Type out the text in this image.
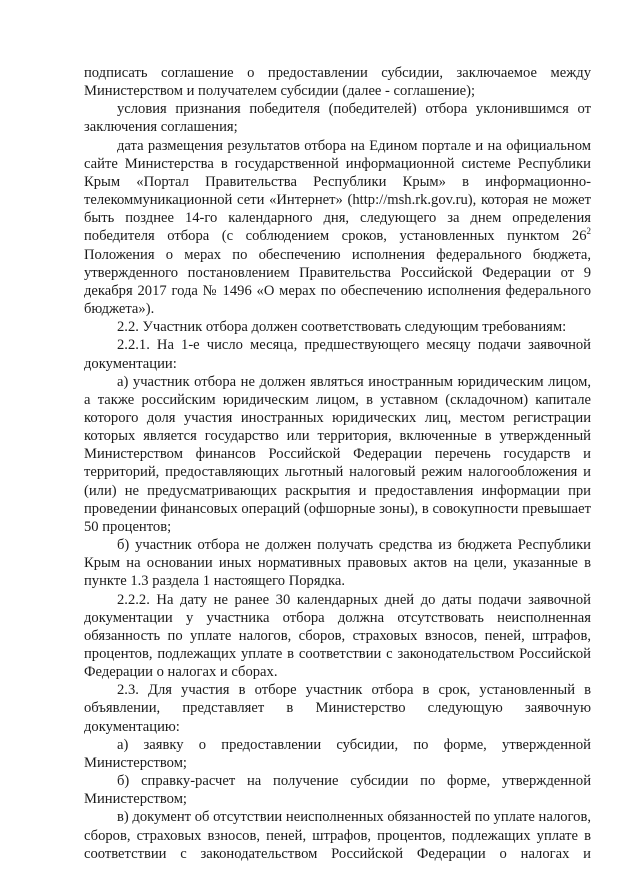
подписать соглашение о предоставлении субсидии, заключаемое между Министерством и получателем субсидии (далее - соглашение);

условия признания победителя (победителей) отбора уклонившимся от заключения соглашения;

дата размещения результатов отбора на Едином портале и на официальном сайте Министерства в государственной информационной системе Республики Крым «Портал Правительства Республики Крым» в информационно-телекоммуникационной сети «Интернет» (http://msh.rk.gov.ru), которая не может быть позднее 14-го календарного дня, следующего за днем определения победителя отбора (с соблюдением сроков, установленных пунктом $26^2$ Положения о мерах по обеспечению исполнения федерального бюджета, утвержденного постановлением Правительства Российской Федерации от 9 декабря 2017 года № 1496 «О мерах по обеспечению исполнения федерального бюджета»).

2.2. Участник отбора должен соответствовать следующим требованиям:

2.2.1. На 1-е число месяца, предшествующего месяцу подачи заявочной документации:

а) участник отбора не должен являться иностранным юридическим лицом, а также российским юридическим лицом, в уставном (складочном) капитале которого доля участия иностранных юридических лиц, местом регистрации которых является государство или территория, включенные в утвержденный Министерством финансов Российской Федерации перечень государств и территорий, предоставляющих льготный налоговый режим налогообложения и (или) не предусматривающих раскрытия и предоставления информации при проведении финансовых операций (офшорные зоны), в совокупности превышает 50 процентов;

б) участник отбора не должен получать средства из бюджета Республики Крым на основании иных нормативных правовых актов на цели, указанные в пункте 1.3 раздела 1 настоящего Порядка.

2.2.2. На дату не ранее 30 календарных дней до даты подачи заявочной документации у участника отбора должна отсутствовать неисполненная обязанность по уплате налогов, сборов, страховых взносов, пеней, штрафов, процентов, подлежащих уплате в соответствии с законодательством Российской Федерации о налогах и сборах.

2.3. Для участия в отборе участник отбора в срок, установленный в объявлении, представляет в Министерство следующую заявочную документацию:

а) заявку о предоставлении субсидии, по форме, утвержденной Министерством;

б) справку-расчет на получение субсидии по форме, утвержденной Министерством;

в) документ об отсутствии неисполненных обязанностей по уплате налогов, сборов, страховых взносов, пеней, штрафов, процентов, подлежащих уплате в соответствии с законодательством Российской Федерации о налогах и
